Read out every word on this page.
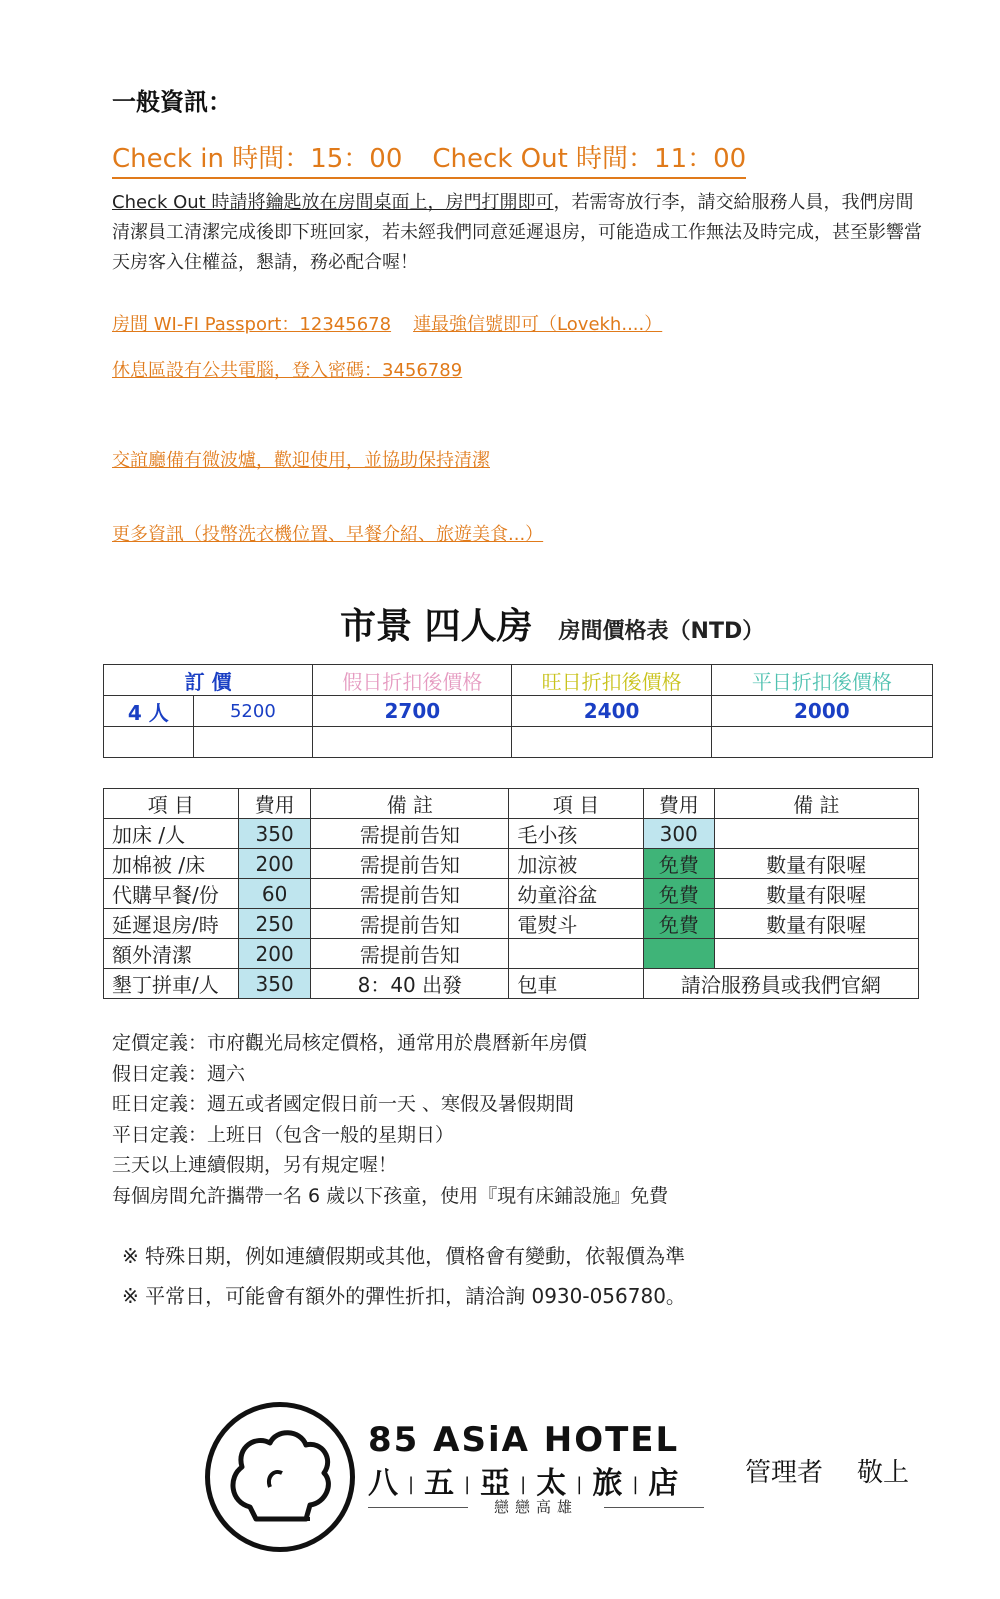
一般資訊：
Check in 時間：15：00 Check Out 時間：11：00
Check Out 時請將鑰匙放在房間桌面上，房門打開即可，若需寄放行李，請交給服務人員，我們房間清潔員工清潔完成後即下班回家，若未經我們同意延遲退房，可能造成工作無法及時完成，甚至影響當天房客入住權益，懇請，務必配合喔！
房間 WI-FI Passport：12345678 連最強信號即可（Lovekh....）
休息區設有公共電腦，登入密碼：3456789
交誼廳備有微波爐，歡迎使用，並協助保持清潔
更多資訊（投幣洗衣機位置、早餐介紹、旅遊美食...）
市景 四人房 房間價格表（NTD）
訂 價		假日折扣後價格	旺日折扣後價格	平日折扣後價格
4 人	5200	2700	2400	2000

項 目	費用	備 註	項 目	費用	備 註
加床 /人	350	需提前告知	毛小孩	300	
加棉被 /床	200	需提前告知	加涼被	免費	數量有限喔
代購早餐/份	60	需提前告知	幼童浴盆	免費	數量有限喔
延遲退房/時	250	需提前告知	電熨斗	免費	數量有限喔
額外清潔	200	需提前告知			
墾丁拼車/人	350	8：40 出發	包車	請洽服務員或我們官網	
定價定義：市府觀光局核定價格，通常用於農曆新年房價
假日定義：週六
旺日定義：週五或者國定假日前一天 、寒假及暑假期間
平日定義：上班日（包含一般的星期日）
三天以上連續假期，另有規定喔！
每個房間允許攜帶一名 6 歲以下孩童，使用『現有床鋪設施』免費
※ 特殊日期，例如連續假期或其他，價格會有變動，依報價為準
※ 平常日，可能會有額外的彈性折扣，請洽詢 0930-056780。
85 ASiA HOTEL
八 | 五 | 亞 | 太 | 旅 | 店
戀戀高雄
管理者 敬上
